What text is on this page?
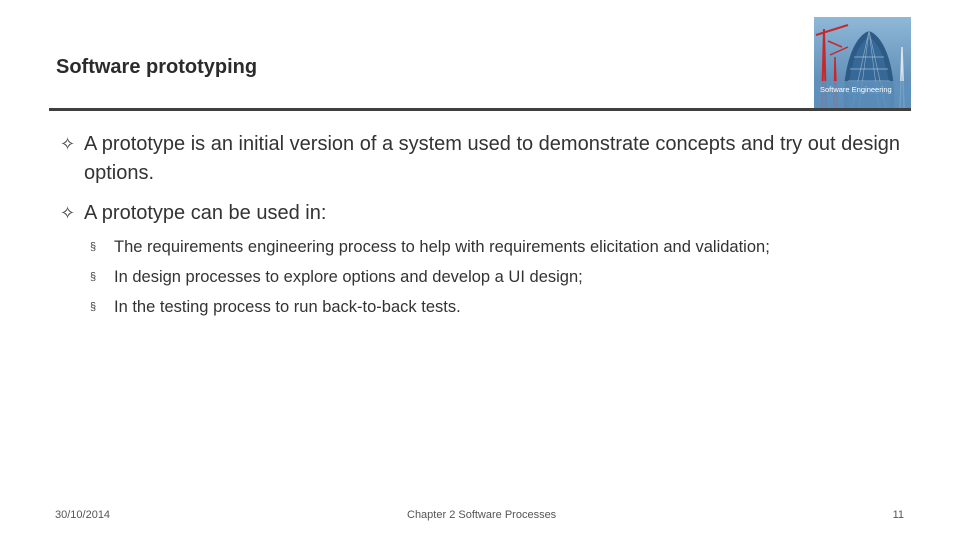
Software prototyping
Software Engineering
✧ A prototype is an initial version of a system used to demonstrate concepts and try out design options.
✧ A prototype can be used in:
§ The requirements engineering process to help with requirements elicitation and validation;
§ In design processes to explore options and develop a UI design;
§ In the testing process to run back-to-back tests.
30/10/2014	Chapter 2 Software Processes	11
